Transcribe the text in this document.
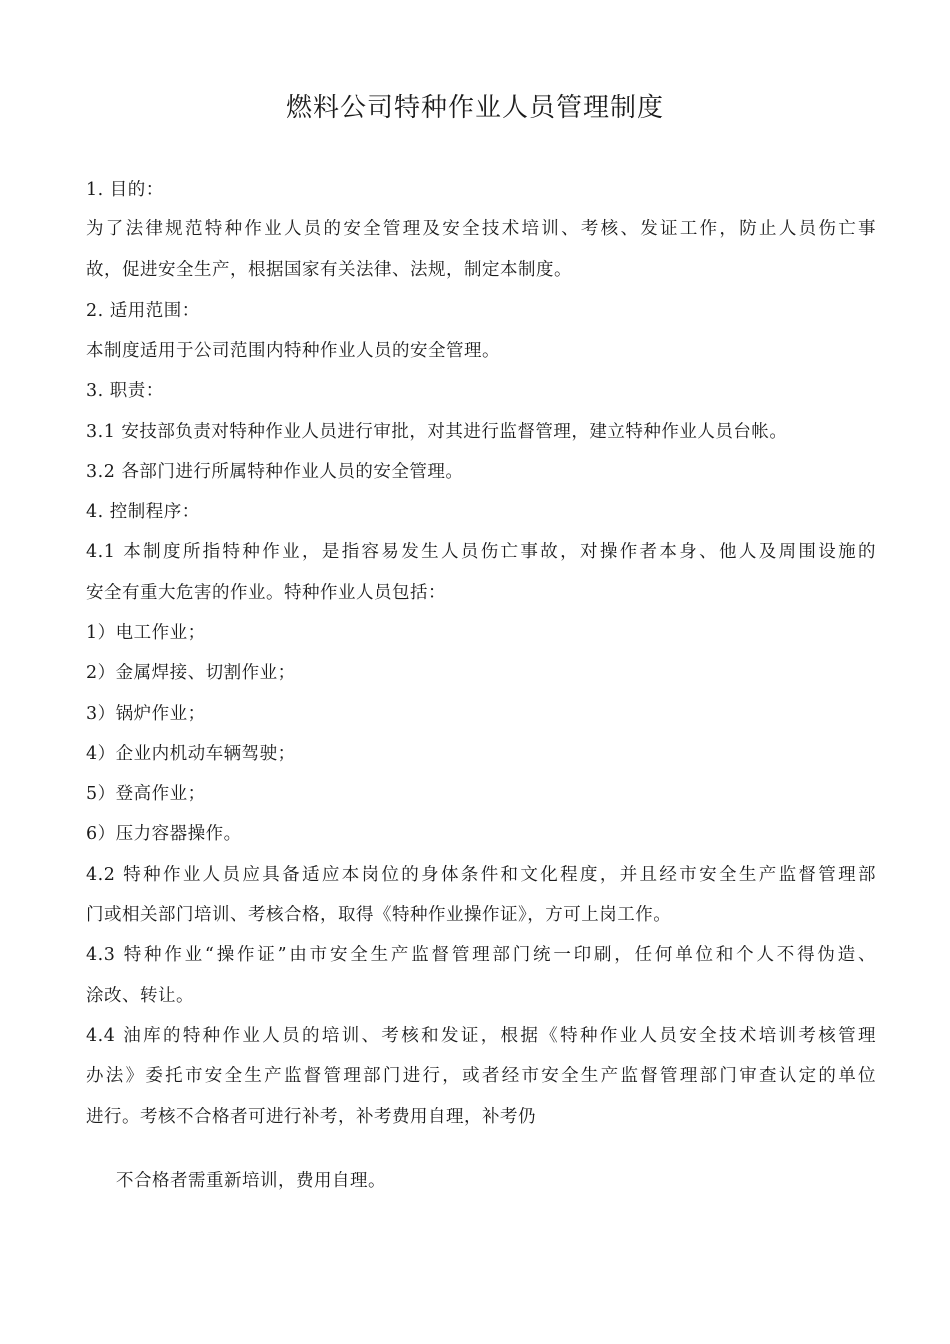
燃料公司特种作业人员管理制度
1. 目的：
为了法律规范特种作业人员的安全管理及安全技术培训、考核、发证工作，防止人员伤亡事
故，促进安全生产，根据国家有关法律、法规，制定本制度。
2. 适用范围：
本制度适用于公司范围内特种作业人员的安全管理。
3. 职责：
3.1 安技部负责对特种作业人员进行审批，对其进行监督管理，建立特种作业人员台帐。
3.2 各部门进行所属特种作业人员的安全管理。
4. 控制程序：
4.1 本制度所指特种作业，是指容易发生人员伤亡事故，对操作者本身、他人及周围设施的
安全有重大危害的作业。特种作业人员包括：
1）电工作业；
2）金属焊接、切割作业；
3）锅炉作业；
4）企业内机动车辆驾驶；
5）登高作业；
6）压力容器操作。
4.2 特种作业人员应具备适应本岗位的身体条件和文化程度，并且经市安全生产监督管理部
门或相关部门培训、考核合格，取得《特种作业操作证》，方可上岗工作。
4.3 特种作业“操作证”由市安全生产监督管理部门统一印刷，任何单位和个人不得伪造、
涂改、转让。
4.4 油库的特种作业人员的培训、考核和发证，根据《特种作业人员安全技术培训考核管理
办法》委托市安全生产监督管理部门进行，或者经市安全生产监督管理部门审查认定的单位
进行。考核不合格者可进行补考，补考费用自理，补考仍
不合格者需重新培训，费用自理。
